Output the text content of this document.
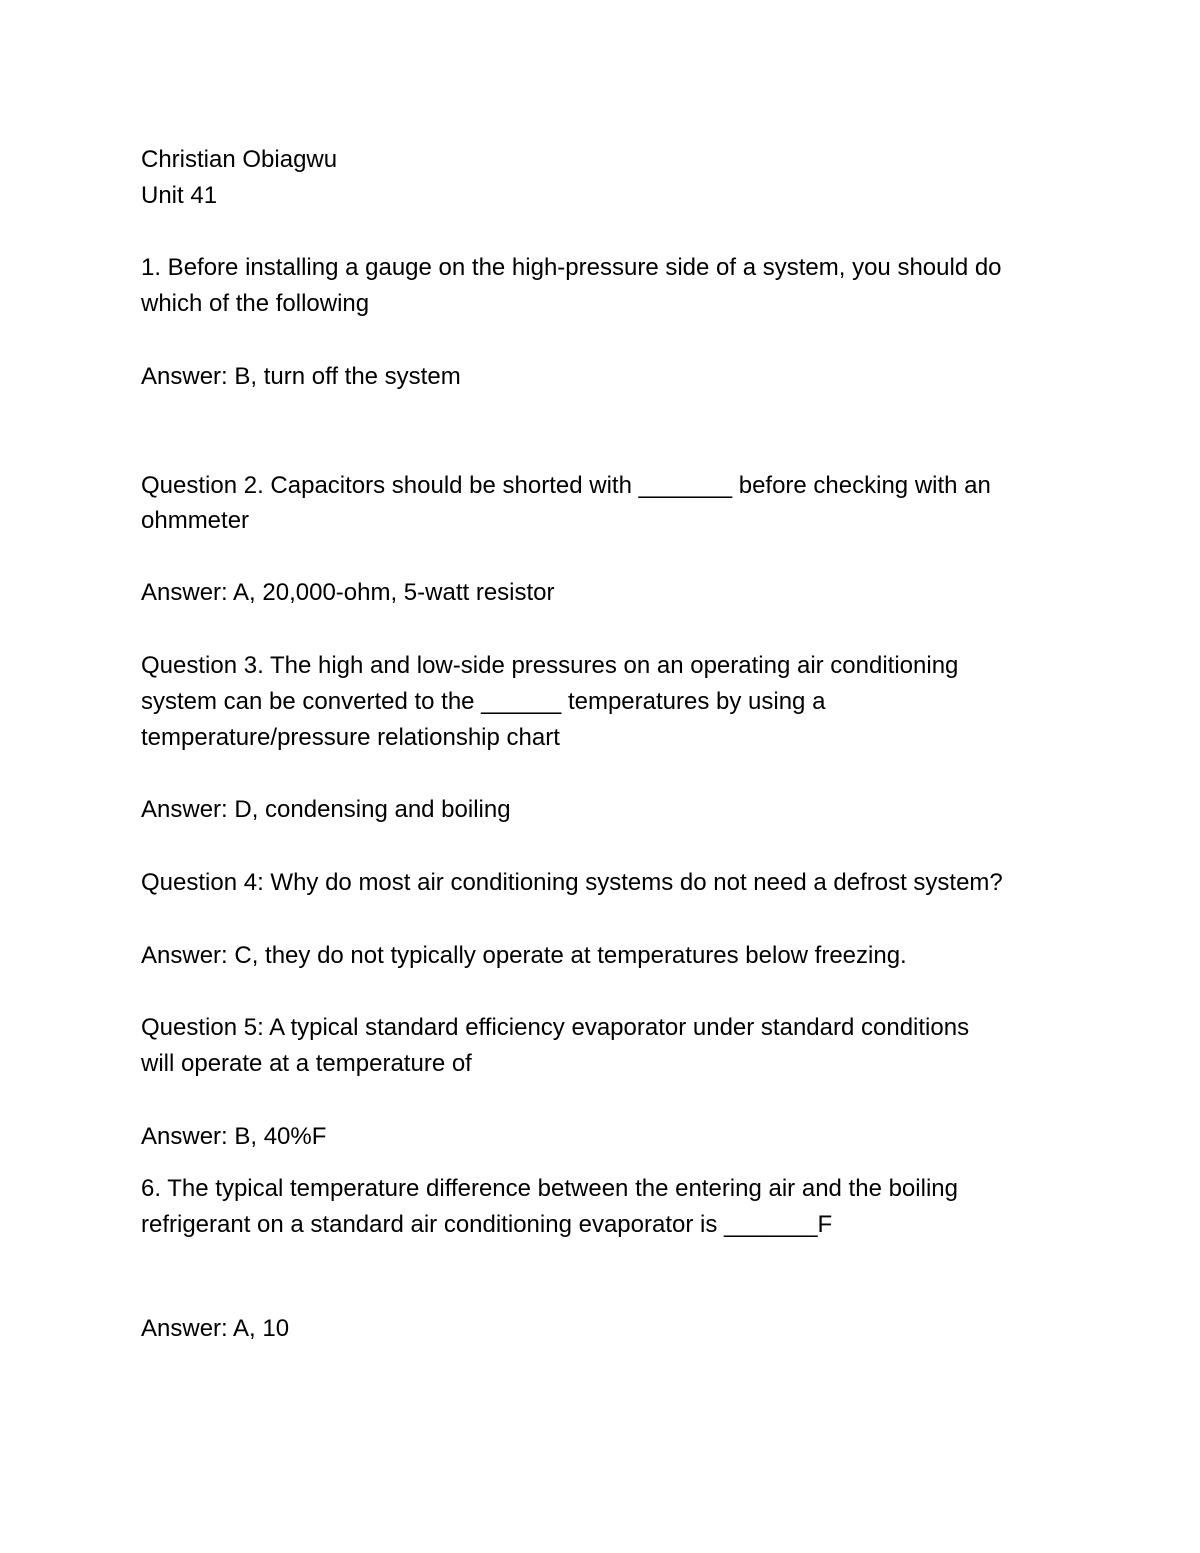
Christian Obiagwu

Unit 41

1. Before installing a gauge on the high-pressure side of a system, you should do

which of the following

Answer: B, turn off the system

Question 2. Capacitors should be shorted with _______ before checking with an

ohmmeter

Answer: A, 20,000-ohm, 5-watt resistor

Question 3. The high and low-side pressures on an operating air conditioning

system can be converted to the ______ temperatures by using a

temperature/pressure relationship chart

Answer: D, condensing and boiling

Question 4: Why do most air conditioning systems do not need a defrost system?

Answer: C, they do not typically operate at temperatures below freezing.

Question 5: A typical standard efficiency evaporator under standard conditions

will operate at a temperature of

Answer: B, 40%F

6. The typical temperature difference between the entering air and the boiling

refrigerant on a standard air conditioning evaporator is _______F

Answer: A, 10
